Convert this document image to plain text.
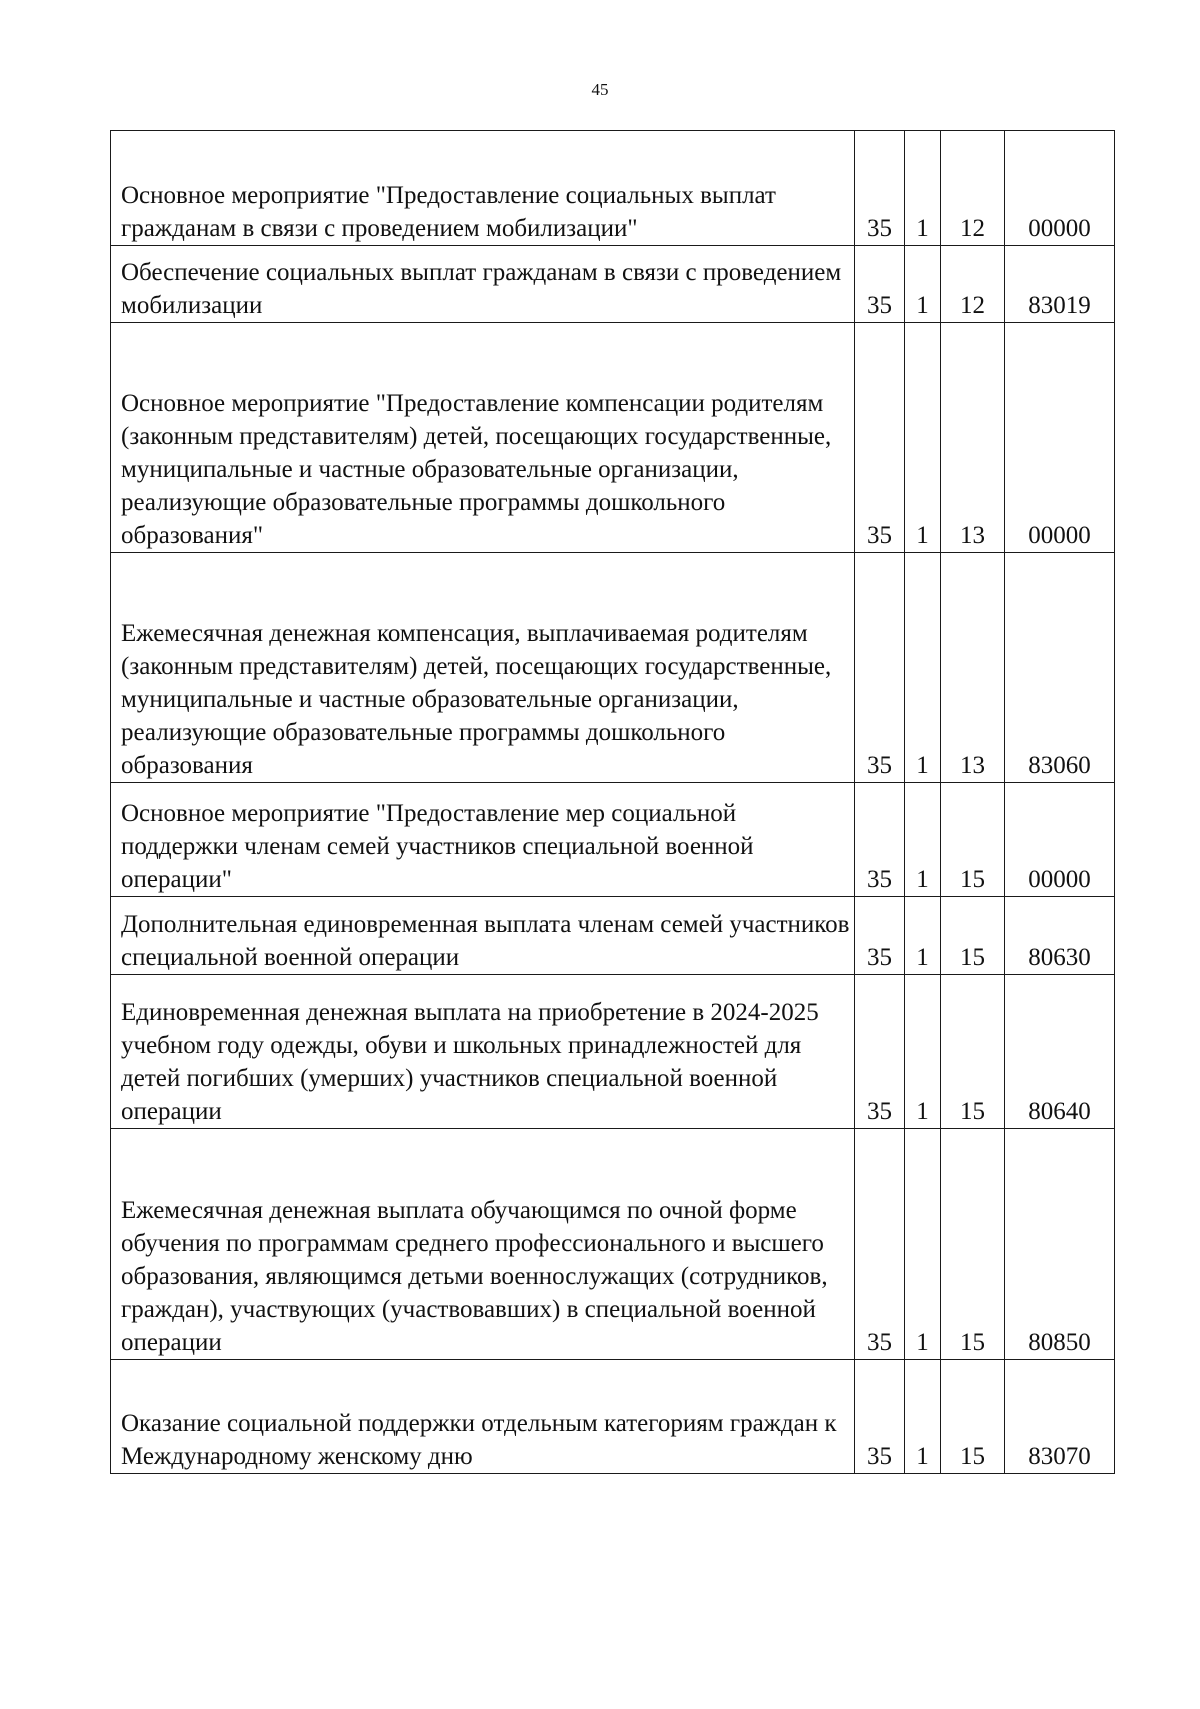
45
Основное мероприятие "Предоставление социальных выплат гражданам в связи с проведением мобилизации"	35	1	12	00000
Обеспечение социальных выплат гражданам в связи с проведением мобилизации	35	1	12	83019
Основное мероприятие "Предоставление компенсации родителям (законным представителям) детей, посещающих государственные, муниципальные и частные образовательные организации, реализующие образовательные программы дошкольного образования"	35	1	13	00000
Ежемесячная денежная компенсация, выплачиваемая родителям (законным представителям) детей, посещающих государственные, муниципальные и частные образовательные организации, реализующие образовательные программы дошкольного образования	35	1	13	83060
Основное мероприятие "Предоставление мер социальной поддержки членам семей участников специальной военной операции"	35	1	15	00000
Дополнительная единовременная выплата членам семей участников специальной военной операции	35	1	15	80630
Единовременная денежная выплата на приобретение в 2024-2025 учебном году одежды, обуви и школьных принадлежностей для детей погибших (умерших) участников специальной военной операции	35	1	15	80640
Ежемесячная денежная выплата обучающимся по очной форме обучения по программам среднего профессионального и высшего образования, являющимся детьми военнослужащих (сотрудников, граждан), участвующих (участвовавших) в специальной военной операции	35	1	15	80850
Оказание социальной поддержки отдельным категориям граждан к Международному женскому дню	35	1	15	83070
